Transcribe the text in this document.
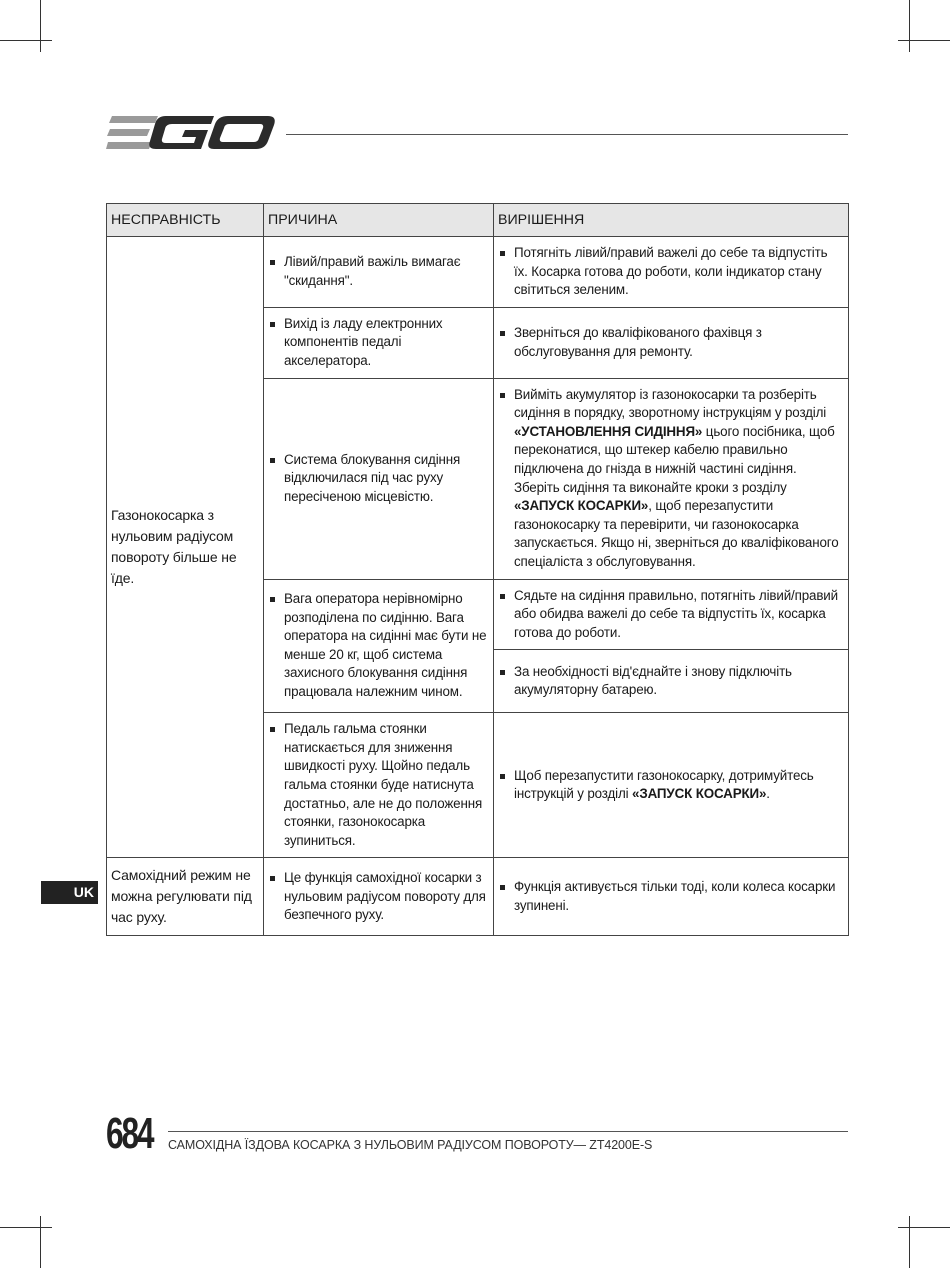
НЕСПРАВНІСТЬ	ПРИЧИНА	ВИРІШЕННЯ
Газонокосарка з нульовим радіусом повороту більше не їде.	Лівий/правий важіль вимагає "скидання".	Потягніть лівий/правий важелі до себе та відпустіть їх. Косарка готова до роботи, коли індикатор стану світиться зеленим.

	Вихід із ладу електронних компонентів педалі акселератора.	Зверніться до кваліфікованого фахівця з обслуговування для ремонту.

	Система блокування сидіння відключилася під час руху пересіченою місцевістю.	Вийміть акумулятор із газонокосарки та розберіть сидіння в порядку, зворотному інструкціям у розділі «УСТАНОВЛЕННЯ СИДІННЯ» цього посібника, щоб переконатися, що штекер кабелю правильно підключена до гнізда в нижній частині сидіння. Зберіть сидіння та виконайте кроки з розділу «ЗАПУСК КОСАРКИ», щоб перезапустити газонокосарку та перевірити, чи газонокосарка запускається. Якщо ні, зверніться до кваліфікованого спеціаліста з обслуговування.

	Вага оператора нерівномірно розподілена по сидінню. Вага оператора на сидінні має бути не менше 20 кг, щоб система захисного блокування сидіння працювала належним чином.	Сядьте на сидіння правильно, потягніть лівий/правий або обидва важелі до себе та відпустіть їх, косарка готова до роботи.

		За необхідності від'єднайте і знову підключіть акумуляторну батарею.

	Педаль гальма стоянки натискається для зниження швидкості руху. Щойно педаль гальма стоянки буде натиснута достатньо, але не до положення стоянки, газонокосарка зупиниться.	Щоб перезапустити газонокосарку, дотримуйтесь інструкцій у розділі «ЗАПУСК КОСАРКИ».

Самохідний режим не можна регулювати під час руху.	Це функція самохідної косарки з нульовим радіусом повороту для безпечного руху.	Функція активується тільки тоді, коли колеса косарки зупинені.
UK
684 САМОХІДНА ЇЗДОВА КОСАРКА З НУЛЬОВИМ РАДІУСОМ ПОВОРОТУ— ZT4200E-S
